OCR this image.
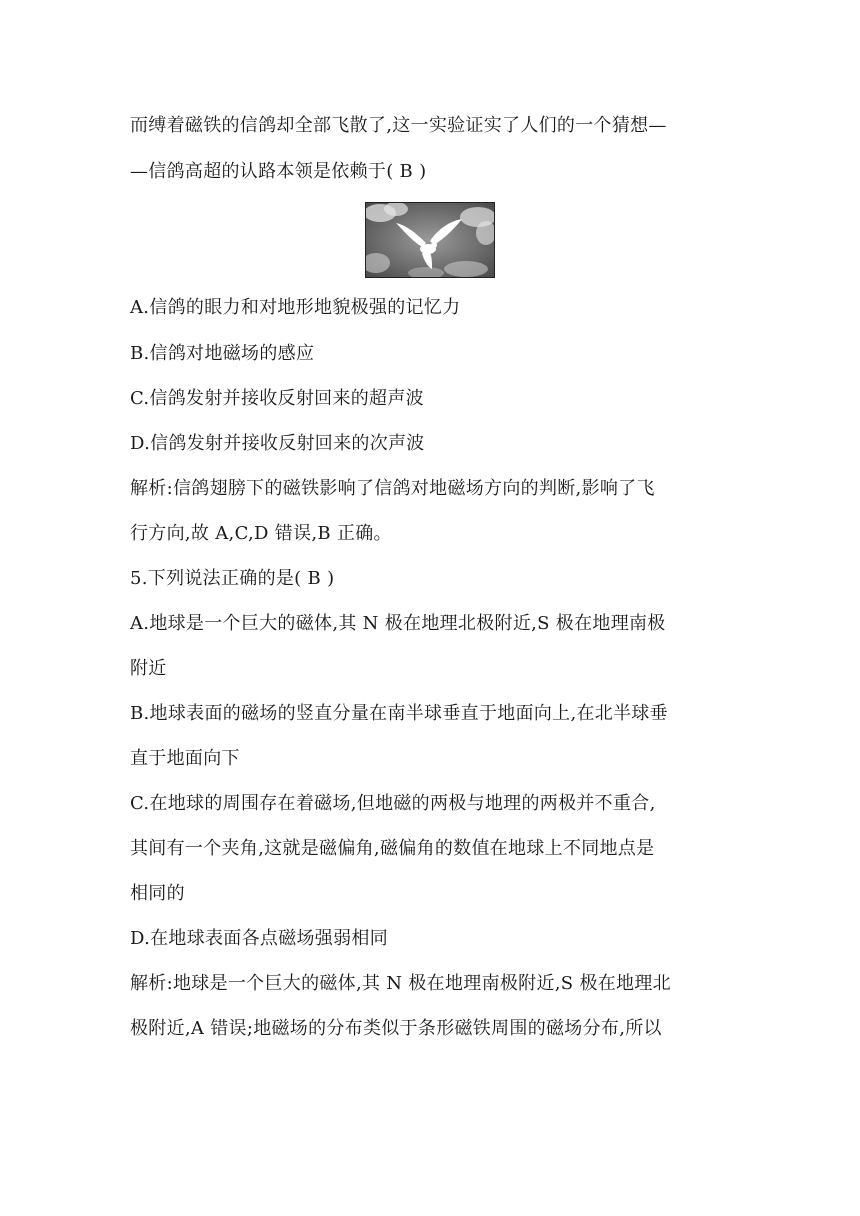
而缚着磁铁的信鸽却全部飞散了,这一实验证实了人们的一个猜想—
—信鸽高超的认路本领是依赖于( B )
A.信鸽的眼力和对地形地貌极强的记忆力
B.信鸽对地磁场的感应
C.信鸽发射并接收反射回来的超声波
D.信鸽发射并接收反射回来的次声波
解析:信鸽翅膀下的磁铁影响了信鸽对地磁场方向的判断,影响了飞
行方向,故 A,C,D 错误,B 正确。
5.下列说法正确的是( B )
A.地球是一个巨大的磁体,其 N 极在地理北极附近,S 极在地理南极
附近
B.地球表面的磁场的竖直分量在南半球垂直于地面向上,在北半球垂
直于地面向下
C.在地球的周围存在着磁场,但地磁的两极与地理的两极并不重合,
其间有一个夹角,这就是磁偏角,磁偏角的数值在地球上不同地点是
相同的
D.在地球表面各点磁场强弱相同
解析:地球是一个巨大的磁体,其 N 极在地理南极附近,S 极在地理北
极附近,A 错误;地磁场的分布类似于条形磁铁周围的磁场分布,所以
